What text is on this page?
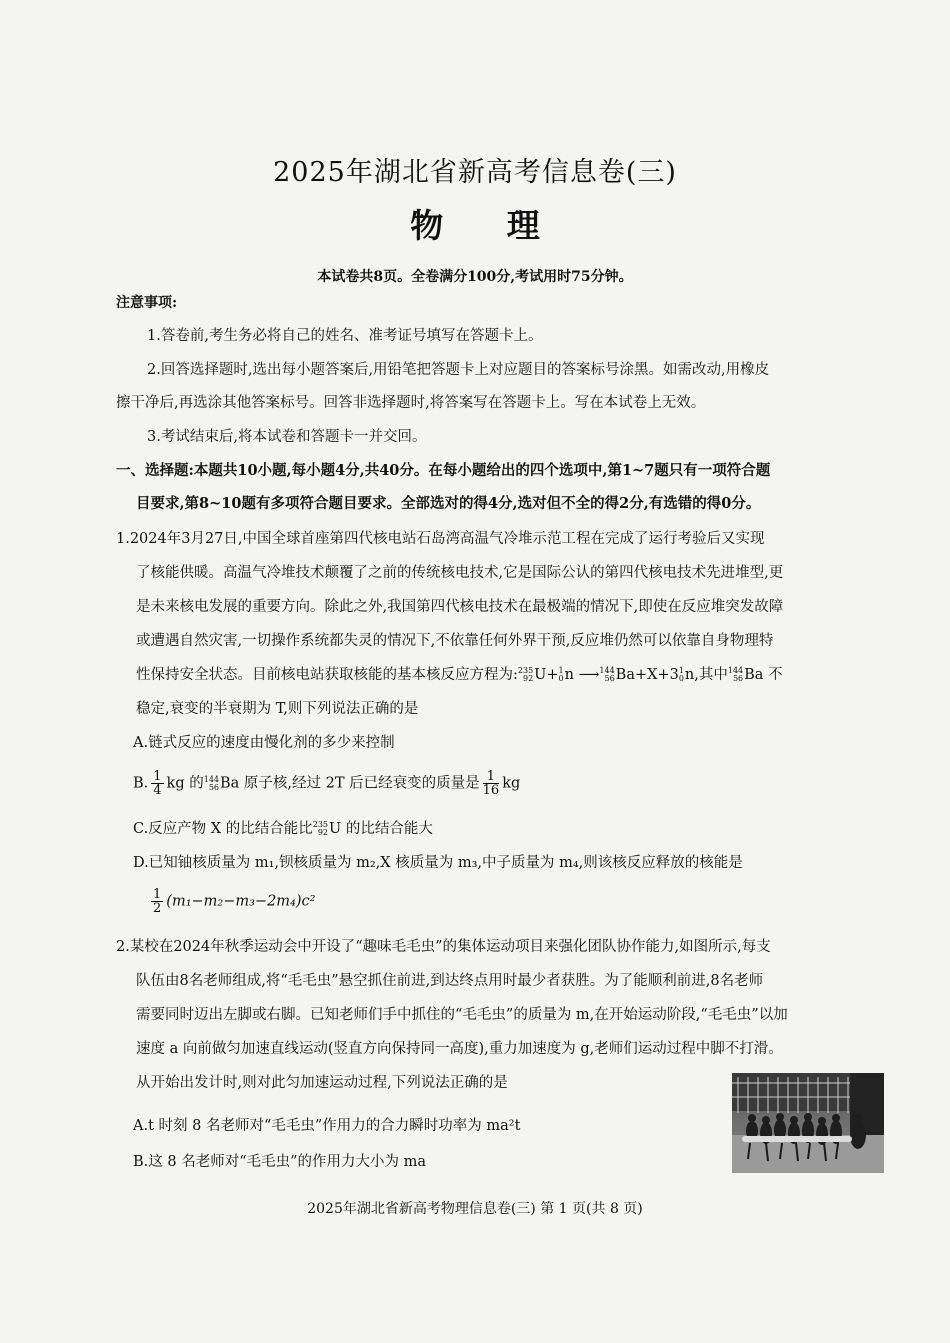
2025年湖北省新高考信息卷(三)
物 理
本试卷共8页。全卷满分100分,考试用时75分钟。
注意事项:
1.答卷前,考生务必将自己的姓名、准考证号填写在答题卡上。
2.回答选择题时,选出每小题答案后,用铅笔把答题卡上对应题目的答案标号涂黑。如需改动,用橡皮
擦干净后,再选涂其他答案标号。回答非选择题时,将答案写在答题卡上。写在本试卷上无效。
3.考试结束后,将本试卷和答题卡一并交回。
一、选择题:本题共10小题,每小题4分,共40分。在每小题给出的四个选项中,第1~7题只有一项符合题
目要求,第8~10题有多项符合题目要求。全部选对的得4分,选对但不全的得2分,有选错的得0分。
1.2024年3月27日,中国全球首座第四代核电站石岛湾高温气冷堆示范工程在完成了运行考验后又实现
了核能供暖。高温气冷堆技术颠覆了之前的传统核电技术,它是国际公认的第四代核电技术先进堆型,更
是未来核电发展的重要方向。除此之外,我国第四代核电技术在最极端的情况下,即使在反应堆突发故障
或遭遇自然灾害,一切操作系统都失灵的情况下,不依靠任何外界干预,反应堆仍然可以依靠自身物理特
性保持安全状态。目前核电站获取核能的基本核反应方程为: 235
92 U+ 1
0 n ⟶ 144
56 Ba+X+3 1
0 n,其中 144
56 Ba 不
稳定,衰变的半衰期为 T,则下列说法正确的是
A.链式反应的速度由慢化剂的多少来控制
B. $\frac{1}{4}$ kg 的 144
56 Ba 原子核,经过 2T 后已经衰变的质量是 $\frac{1}{16}$ kg
C.反应产物 X 的比结合能比 235
92 U 的比结合能大
D.已知铀核质量为 m₁,钡核质量为 m₂,X 核质量为 m₃,中子质量为 m₄,则该核反应释放的核能是
$\frac{1}{2} (m_1-m_2-m_3-2m_4)c^2$
2.某校在2024年秋季运动会中开设了“趣味毛毛虫”的集体运动项目来强化团队协作能力,如图所示,每支
队伍由8名老师组成,将“毛毛虫”悬空抓住前进,到达终点用时最少者获胜。为了能顺利前进,8名老师
需要同时迈出左脚或右脚。已知老师们手中抓住的“毛毛虫”的质量为 m,在开始运动阶段,“毛毛虫”以加
速度 a 向前做匀加速直线运动(竖直方向保持同一高度),重力加速度为 g,老师们运动过程中脚不打滑。
从开始出发计时,则对此匀加速运动过程,下列说法正确的是
A.t 时刻 8 名老师对“毛毛虫”作用力的合力瞬时功率为 ma²t
B.这 8 名老师对“毛毛虫”的作用力大小为 ma
2025年湖北省新高考物理信息卷(三) 第 1 页(共 8 页)
